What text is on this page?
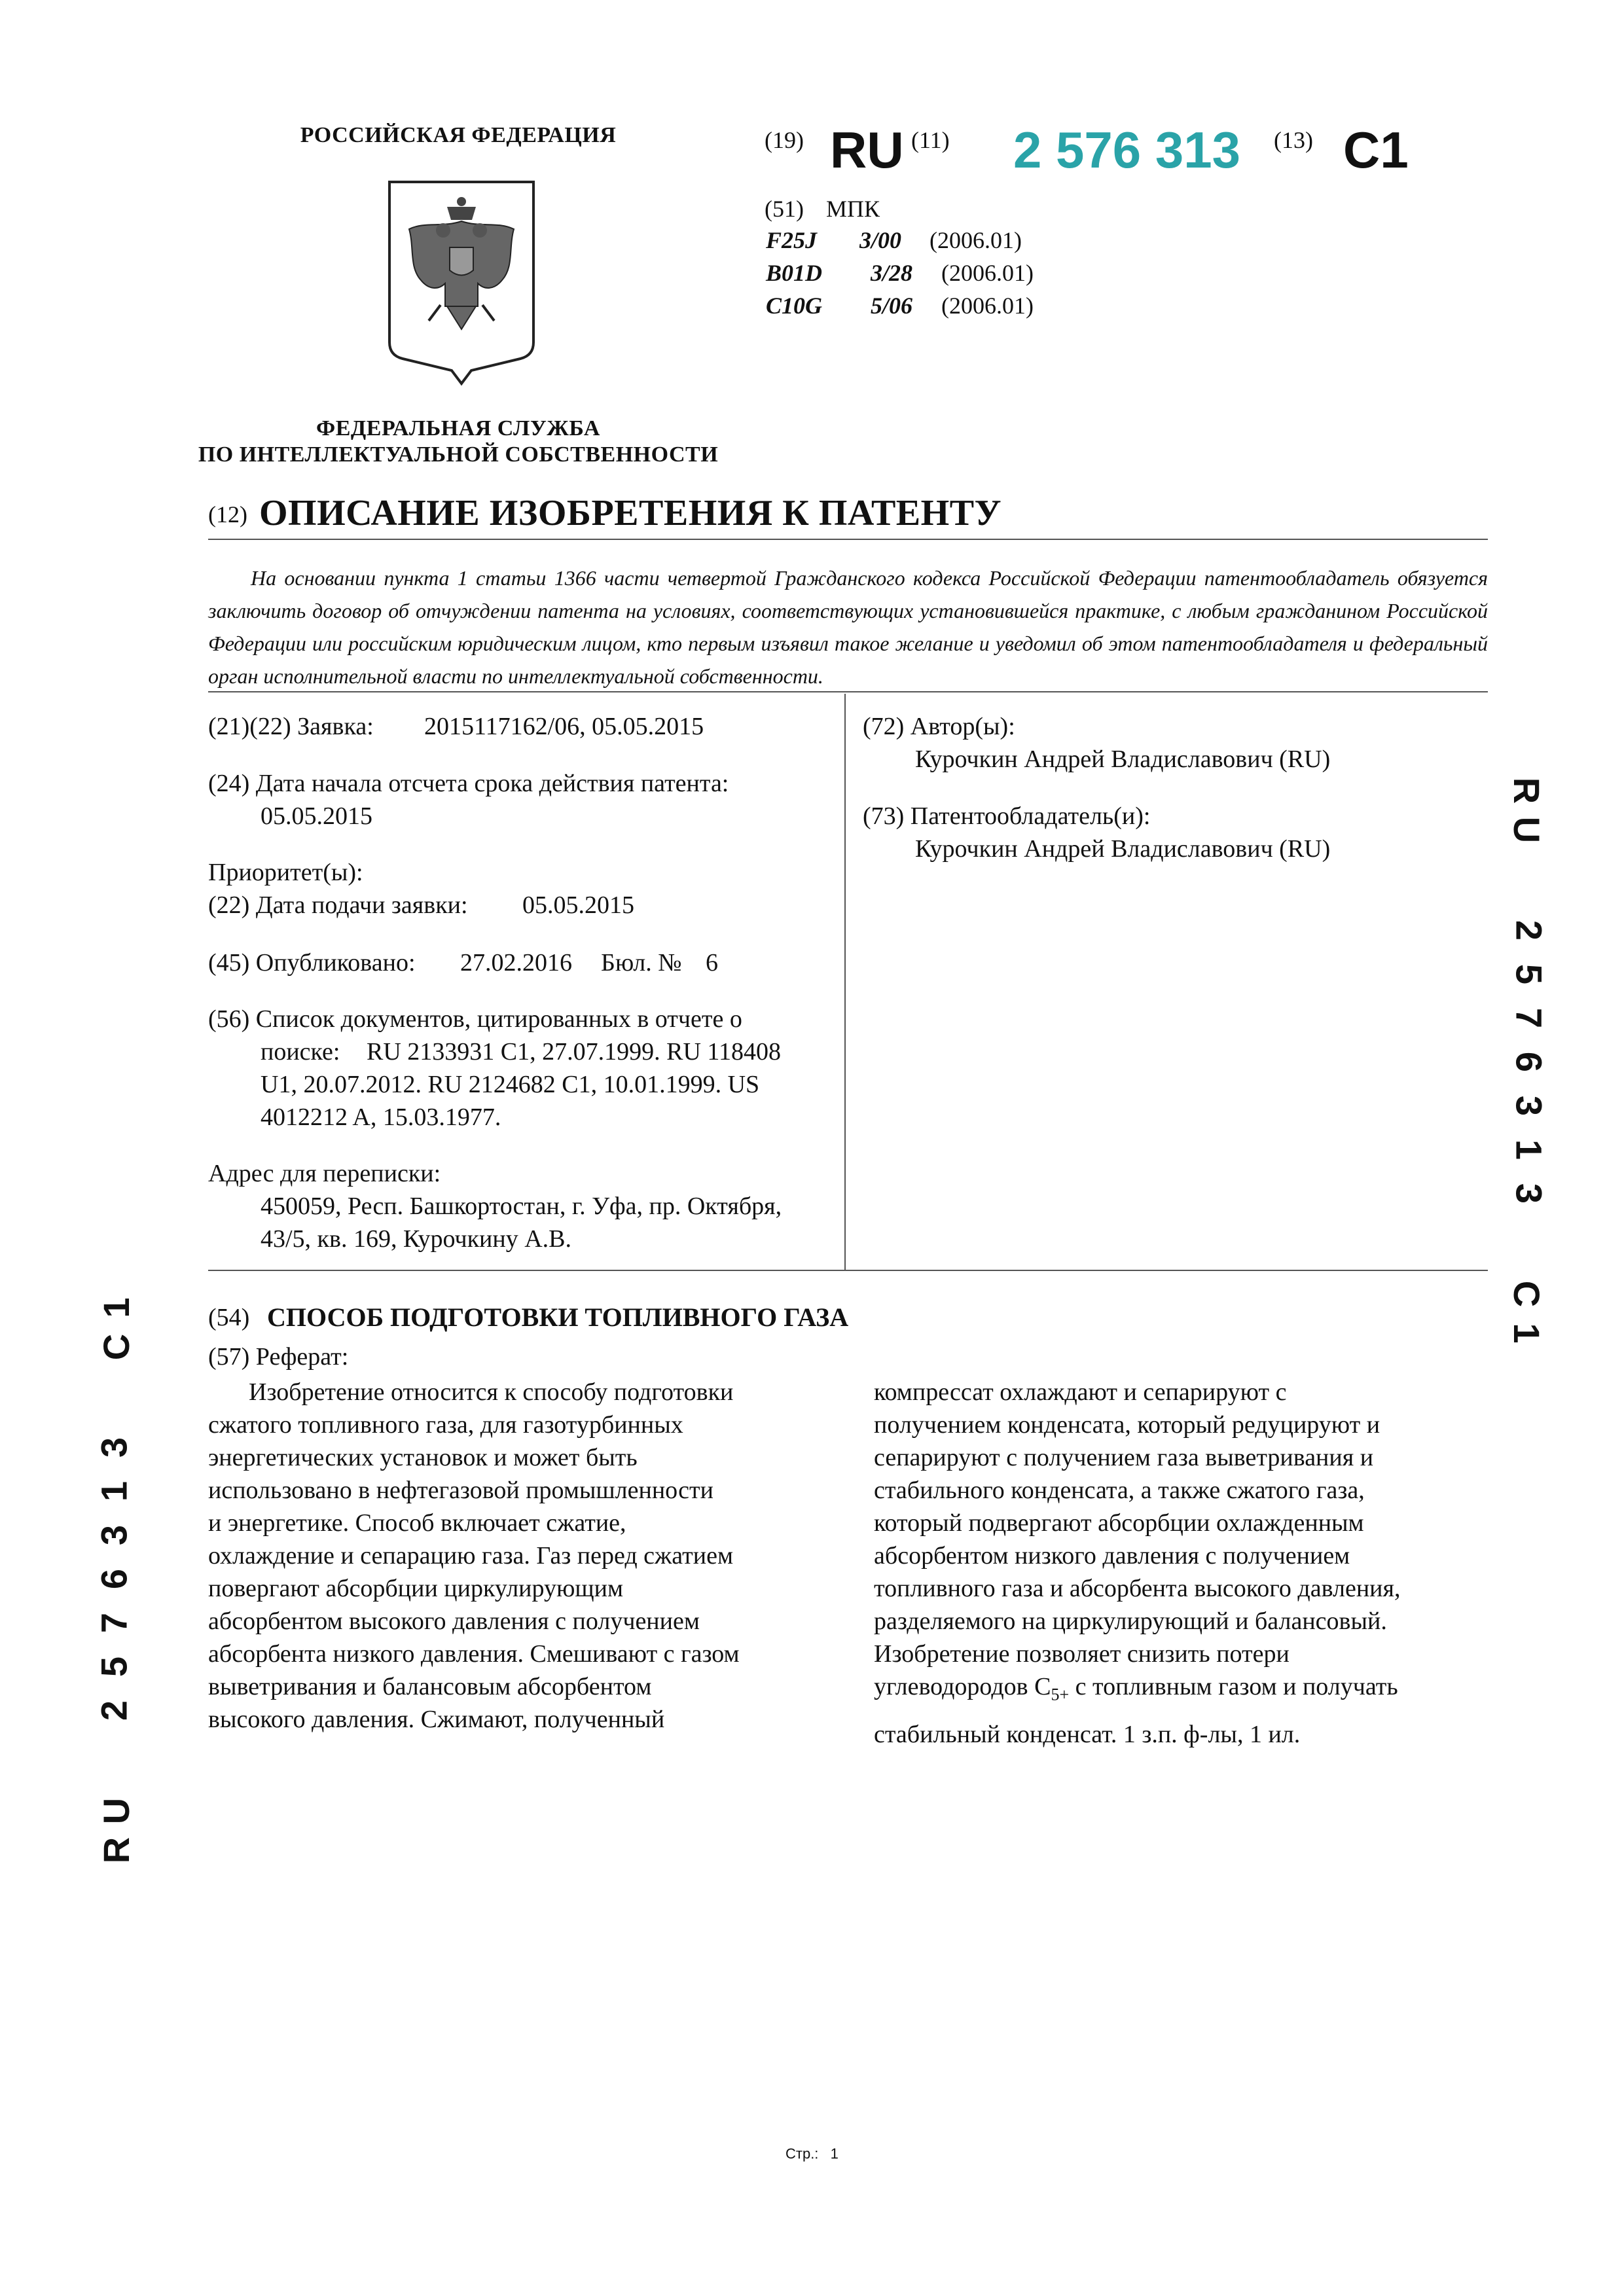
РОССИЙСКАЯ ФЕДЕРАЦИЯ
ФЕДЕРАЛЬНАЯ СЛУЖБА
ПО ИНТЕЛЛЕКТУАЛЬНОЙ СОБСТВЕННОСТИ
(19) RU (11) 2 576 313 (13) C1
(51) МПК
F25J 3/00 (2006.01)
B01D 3/28 (2006.01)
C10G 5/06 (2006.01)
(12) ОПИСАНИЕ ИЗОБРЕТЕНИЯ К ПАТЕНТУ
На основании пункта 1 статьи 1366 части четвертой Гражданского кодекса Российской Федерации патентообладатель обязуется заключить договор об отчуждении патента на условиях, соответствующих установившейся практике, с любым гражданином Российской Федерации или российским юридическим лицом, кто первым изъявил такое желание и уведомил об этом патентообладателя и федеральный орган исполнительной власти по интеллектуальной собственности.
(21)(22) Заявка: 2015117162/06, 05.05.2015
(24) Дата начала отсчета срока действия патента:
05.05.2015
Приоритет(ы):
(22) Дата подачи заявки: 05.05.2015
(45) Опубликовано: 27.02.2016 Бюл. № 6
(56) Список документов, цитированных в отчете о
поиске: RU 2133931 C1, 27.07.1999. RU 118408
U1, 20.07.2012. RU 2124682 C1, 10.01.1999. US
4012212 A, 15.03.1977.
Адрес для переписки:
450059, Респ. Башкортостан, г. Уфа, пр. Октября,
43/5, кв. 169, Курочкину А.В.
(72) Автор(ы):
Курочкин Андрей Владиславович (RU)
(73) Патентообладатель(и):
Курочкин Андрей Владиславович (RU)
(54) СПОСОБ ПОДГОТОВКИ ТОПЛИВНОГО ГАЗА
(57) Реферат:
Изобретение относится к способу подготовки
сжатого топливного газа, для газотурбинных
энергетических установок и может быть
использовано в нефтегазовой промышленности
и энергетике. Способ включает сжатие,
охлаждение и сепарацию газа. Газ перед сжатием
повергают абсорбции циркулирующим
абсорбентом высокого давления с получением
абсорбента низкого давления. Смешивают с газом
выветривания и балансовым абсорбентом
высокого давления. Сжимают, полученный
компрессат охлаждают и сепарируют с
получением конденсата, который редуцируют и
сепарируют с получением газа выветривания и
стабильного конденсата, а также сжатого газа,
который подвергают абсорбции охлажденным
абсорбентом низкого давления с получением
топливного газа и абсорбента высокого давления,
разделяемого на циркулирующий и балансовый.
Изобретение позволяет снизить потери
углеводородов $C_{5+}$ с топливным газом и получать
стабильный конденсат. 1 з.п. ф-лы, 1 ил.
R
U
2
5
7
6
3
1
3
C
1
1
C
3
1
3
6
7
5
2
U
R
Стр.: 1
